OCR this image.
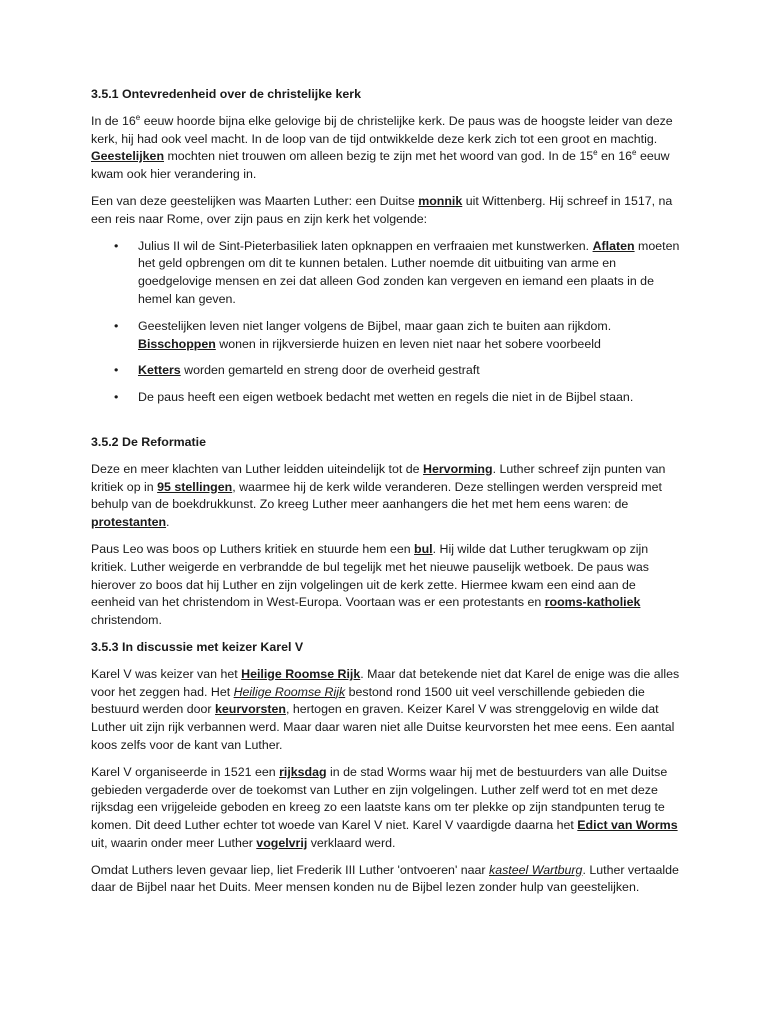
3.5.1 Ontevredenheid over de christelijke kerk

In de 16e eeuw hoorde bijna elke gelovige bij de christelijke kerk. De paus was de hoogste leider van deze kerk, hij had ook veel macht. In de loop van de tijd ontwikkelde deze kerk zich tot een groot en machtig. Geestelijken mochten niet trouwen om alleen bezig te zijn met het woord van god. In de 15e en 16e eeuw kwam ook hier verandering in.

Een van deze geestelijken was Maarten Luther: een Duitse monnik uit Wittenberg. Hij schreef in 1517, na een reis naar Rome, over zijn paus en zijn kerk het volgende:

• Julius II wil de Sint-Pieterbasiliek laten opknappen en verfraaien met kunstwerken. Aflaten moeten het geld opbrengen om dit te kunnen betalen. Luther noemde dit uitbuiting van arme en goedgelovige mensen en zei dat alleen God zonden kan vergeven en iemand een plaats in de hemel kan geven.
• Geestelijken leven niet langer volgens de Bijbel, maar gaan zich te buiten aan rijkdom. Bisschoppen wonen in rijkversierde huizen en leven niet naar het sobere voorbeeld
• Ketters worden gemarteld en streng door de overheid gestraft
• De paus heeft een eigen wetboek bedacht met wetten en regels die niet in de Bijbel staan.
3.5.2 De Reformatie

Deze en meer klachten van Luther leidden uiteindelijk tot de Hervorming. Luther schreef zijn punten van kritiek op in 95 stellingen, waarmee hij de kerk wilde veranderen. Deze stellingen werden verspreid met behulp van de boekdrukkunst. Zo kreeg Luther meer aanhangers die het met hem eens waren: de protestanten.

Paus Leo was boos op Luthers kritiek en stuurde hem een bul. Hij wilde dat Luther terugkwam op zijn kritiek. Luther weigerde en verbrandde de bul tegelijk met het nieuwe pauselijk wetboek. De paus was hierover zo boos dat hij Luther en zijn volgelingen uit de kerk zette. Hiermee kwam een eind aan de eenheid van het christendom in West-Europa. Voortaan was er een protestants en rooms-katholiek christendom.

3.5.3 In discussie met keizer Karel V

Karel V was keizer van het Heilige Roomse Rijk. Maar dat betekende niet dat Karel de enige was die alles voor het zeggen had. Het Heilige Roomse Rijk bestond rond 1500 uit veel verschillende gebieden die bestuurd werden door keurvorsten, hertogen en graven. Keizer Karel V was strenggelovig en wilde dat Luther uit zijn rijk verbannen werd. Maar daar waren niet alle Duitse keurvorsten het mee eens. Een aantal koos zelfs voor de kant van Luther.

Karel V organiseerde in 1521 een rijksdag in de stad Worms waar hij met de bestuurders van alle Duitse gebieden vergaderde over de toekomst van Luther en zijn volgelingen. Luther zelf werd tot en met deze rijksdag een vrijgeleide geboden en kreeg zo een laatste kans om ter plekke op zijn standpunten terug te komen. Dit deed Luther echter tot woede van Karel V niet. Karel V vaardigde daarna het Edict van Worms uit, waarin onder meer Luther vogelvrij verklaard werd.

Omdat Luthers leven gevaar liep, liet Frederik III Luther 'ontvoeren' naar kasteel Wartburg. Luther vertaalde daar de Bijbel naar het Duits. Meer mensen konden nu de Bijbel lezen zonder hulp van geestelijken.
